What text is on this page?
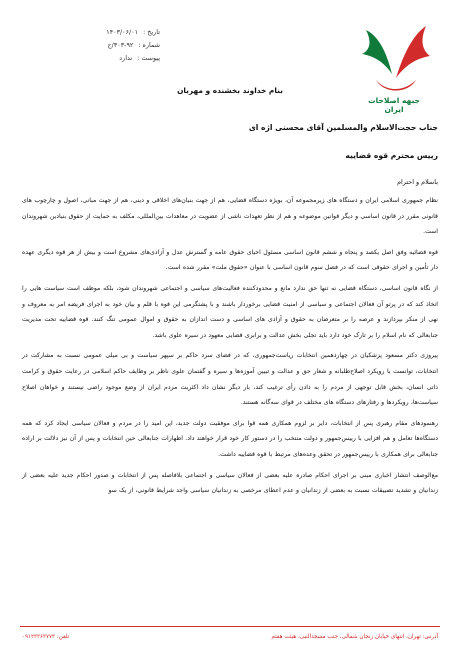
جبهه اصلاحات ایران
تاریخ : ۱۴۰۳/۰۶/۰۱
شماره : ۹۲-۳۰۳/ج
پیوست : ندارد
بنام خداوند بخشنده و مهربان
جناب حجت‌الاسلام والمسلمین آقای محسنی اژه ای
رییس محترم قوه قضاییه
باسلام و احترام

نظام جمهوری اسلامی ایران و دستگاه های زیرمجموعه آن، بویژه دستگاه قضایی، هم از جهت بنیان‌های اخلاقی و دینی، هم از جهت مبانی، اصول و چارچوب های قانونی مقرر در قانون اساسی و دیگر قوانین موضوعه و هم از نظر تعهدات ناشی از عضویت در معاهدات بین‌المللی، مکلف به حمایت از حقوق بنیادین شهروندان است.

قوه قضائیه وفق اصل یکصد و پنجاه و ششم قانون اساسی مسئول احیای حقوق عامه و گسترش عدل و آزادی‌های مشروع است و بیش از هر قوه دیگری عهده دار تأمین و اجرای حقوقی است که در فصل سوم قانون اساسی با عنوان «حقوق ملت» مقرر شده است.

از نگاه قانون اساسی، دستگاه قضایی نه تنها حق ندارد مانع و محدودکننده فعالیت‌های سیاسی و اجتماعی شهروندان شود، بلکه موظف است سیاست هایی را اتخاذ کند که در پرتو آن فعالان اجتماعی و سیاسی از امنیت قضایی برخوردار باشند و با پشتگرمی این قوه با قلم و بیان خود به اجرای فریضه امر به معروف و نهی از منکر بپردازند و عرصه را بر متعرضان به حقوق و آزادی های اساسی و دست اندازان به حقوق و اموال عمومی تنگ کنند. قوه قضاییه تحت مدیریت جنابعالی که نام اسلام را بر تارک خود دارد باید تجلی بخش عدالت و برابری قضایی معهود در سیره علوی باشد.

پیروزی دکتر مسعود پزشکیان در چهاردهمین انتخابات ریاست‌جمهوری، که در فضای سرد حاکم بر سپهر سیاست و بی میلی عمومی نسبت به مشارکت در انتخابات، توانست با رویکرد اصلاح‌طلبانه و شعار حق و عدالت و تبیین آموزه‌ها و سیره و گفتمان علوی ناظر بر وظایف حاکم اسلامی در رعایت حقوق و کرامت ذاتی انسان، بخش قابل توجهی از مردم را به دادن رأی ترغیب کند، بار دیگر نشان داد اکثریت مردم ایران از وضع موجود راضی نیستند و خواهان اصلاح سیاست‌ها، رویکردها و رفتارهای دستگاه های مختلف در قوای سه‌گانه هستند.

رهنمودهای مقام رهبری پس از انتخابات، دایر بر لزوم همکاری همه قوا برای موفقیت دولت جدید، این امید را در مردم و فعالان سیاسی ایجاد کرد که همه دستگاه‌ها تعامل و هم افزایی با رییس‌جمهور و دولت منتخب را در دستور کار خود قرار خواهند داد. اظهارات جنابعالی حین انتخابات و پس از آن نیز دلالت بر اراده جنابعالی برای همکاری با رییس‌جمهور در تحقق وعده‌های مرتبط با قوه قضاییه داشت.

مع‌الوصف انتشار اخباری مبنی بر اجرای احکام صادره علیه بعضی از فعالان سیاسی و اجتماعی بلافاصله پس از انتخابات و صدور احکام جدید علیه بعضی از زندانیان و تشدید تضییقات نسبت به بعضی از زندانیان و عدم اعطای مرخصی به زندانیان سیاسی واجد شرایط قانونی، از یک سو

آدرس: تهران، انتهای خیابان زنجان شمالی، جنب مسجدالنبی، هیئت هفتم
تلفن: ۰۹۱۲۳۳۶۳۷۷۳
